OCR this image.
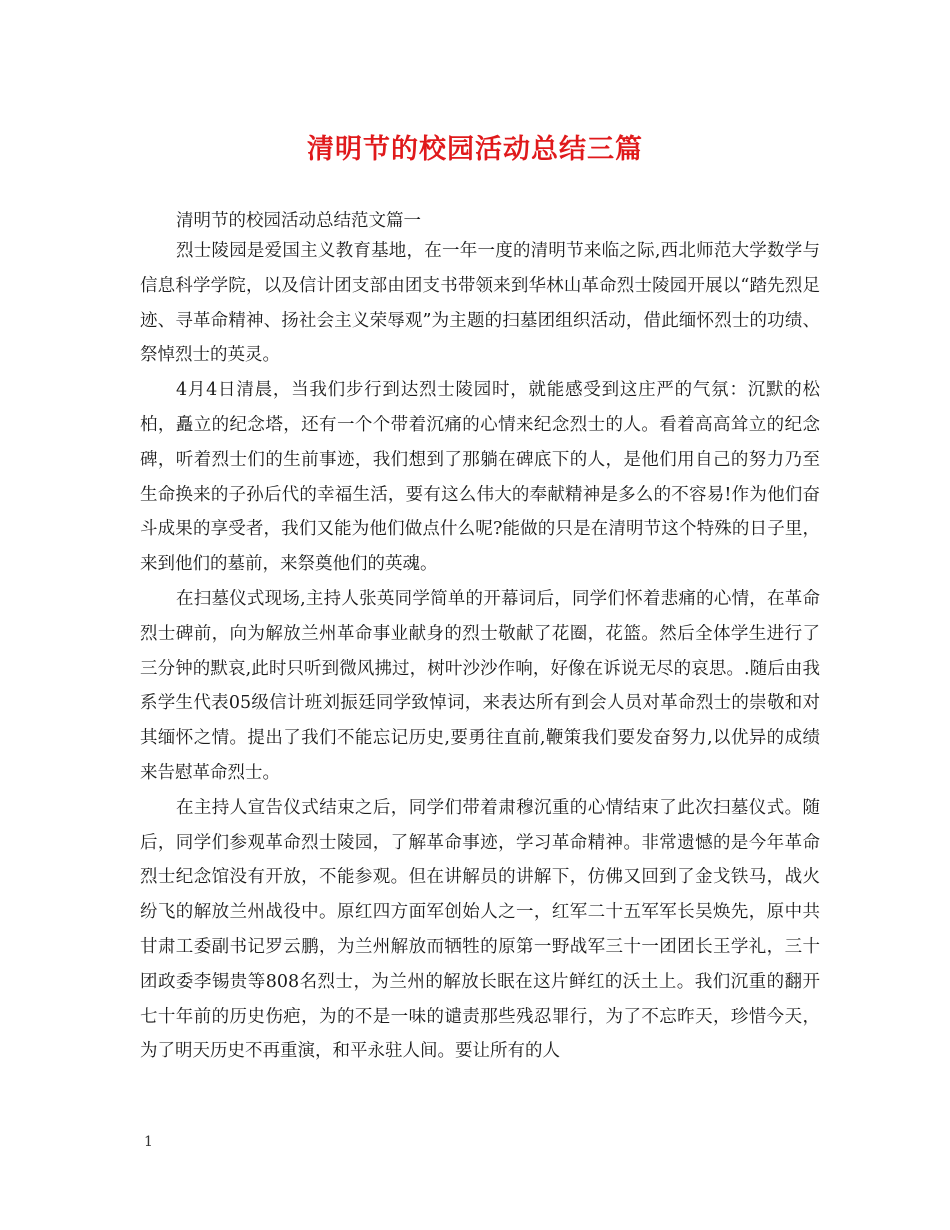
清明节的校园活动总结三篇
清明节的校园活动总结范文篇一

烈士陵园是爱国主义教育基地，在一年一度的清明节来临之际,西北师范大学数学与信息科学学院，以及信计团支部由团支书带领来到华林山革命烈士陵园开展以“踏先烈足迹、寻革命精神、扬社会主义荣辱观”为主题的扫墓团组织活动，借此缅怀烈士的功绩、祭悼烈士的英灵。

4月4日清晨，当我们步行到达烈士陵园时，就能感受到这庄严的气氛：沉默的松柏，矗立的纪念塔，还有一个个带着沉痛的心情来纪念烈士的人。看着高高耸立的纪念碑，听着烈士们的生前事迹，我们想到了那躺在碑底下的人，是他们用自己的努力乃至生命换来的子孙后代的幸福生活，要有这么伟大的奉献精神是多么的不容易!作为他们奋斗成果的享受者，我们又能为他们做点什么呢?能做的只是在清明节这个特殊的日子里，来到他们的墓前，来祭奠他们的英魂。

在扫墓仪式现场,主持人张英同学简单的开幕词后，同学们怀着悲痛的心情，在革命烈士碑前，向为解放兰州革命事业献身的烈士敬献了花圈，花篮。然后全体学生进行了三分钟的默哀,此时只听到微风拂过，树叶沙沙作响，好像在诉说无尽的哀思。.随后由我系学生代表05级信计班刘振廷同学致悼词，来表达所有到会人员对革命烈士的崇敬和对其缅怀之情。提出了我们不能忘记历史,要勇往直前,鞭策我们要发奋努力,以优异的成绩来告慰革命烈士。

在主持人宣告仪式结束之后，同学们带着肃穆沉重的心情结束了此次扫墓仪式。随后，同学们参观革命烈士陵园，了解革命事迹，学习革命精神。非常遗憾的是今年革命烈士纪念馆没有开放，不能参观。但在讲解员的讲解下，仿佛又回到了金戈铁马，战火纷飞的解放兰州战役中。原红四方面军创始人之一，红军二十五军军长吴焕先，原中共甘肃工委副书记罗云鹏，为兰州解放而牺牲的原第一野战军三十一团团长王学礼，三十团政委李锡贵等808名烈士，为兰州的解放长眠在这片鲜红的沃土上。我们沉重的翻开七十年前的历史伤疤，为的不是一味的谴责那些残忍罪行，为了不忘昨天，珍惜今天，为了明天历史不再重演，和平永驻人间。要让所有的人

1
